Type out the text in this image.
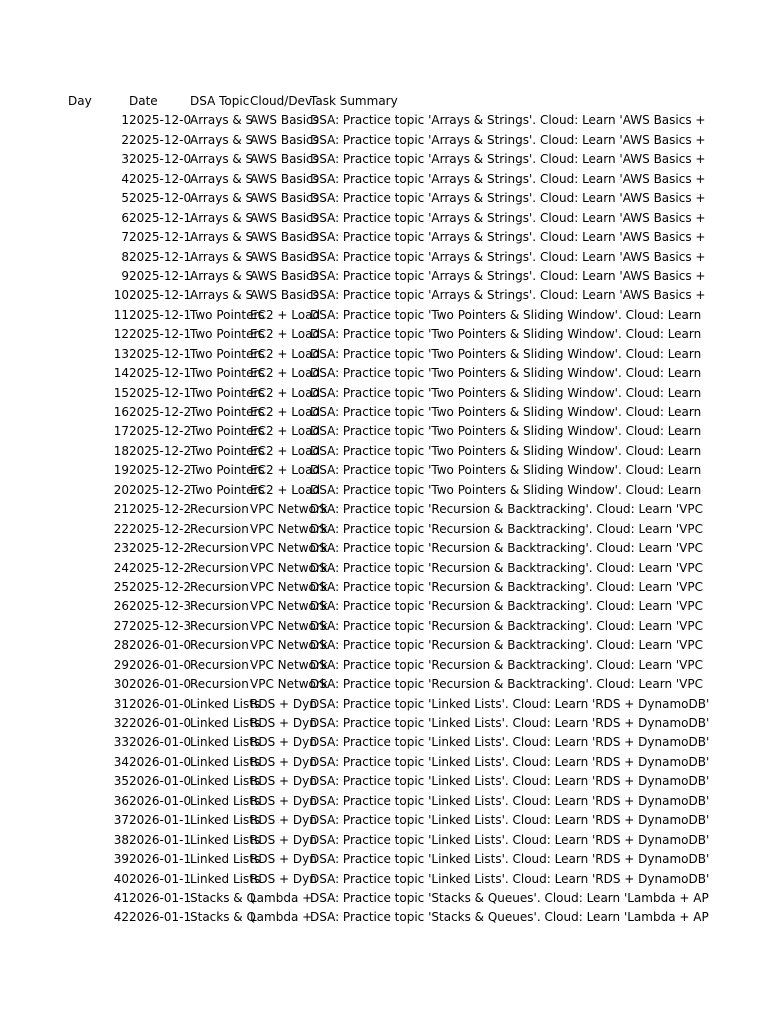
Day	Date	DSA Topic Cloud/Dev
Task Summary
1 2025-12-0
Arrays & S
AWS Basics
DSA: Practice topic 'Arrays & Strings'. Cloud: Learn 'AWS Basics +
2 2025-12-0
Arrays & S
AWS Basics
DSA: Practice topic 'Arrays & Strings'. Cloud: Learn 'AWS Basics +
3 2025-12-0
Arrays & S
AWS Basics
DSA: Practice topic 'Arrays & Strings'. Cloud: Learn 'AWS Basics +
4 2025-12-0
Arrays & S
AWS Basics
DSA: Practice topic 'Arrays & Strings'. Cloud: Learn 'AWS Basics +
5 2025-12-0
Arrays & S
AWS Basics
DSA: Practice topic 'Arrays & Strings'. Cloud: Learn 'AWS Basics +
6 2025-12-1
Arrays & S
AWS Basics
DSA: Practice topic 'Arrays & Strings'. Cloud: Learn 'AWS Basics +
7 2025-12-1
Arrays & S
AWS Basics
DSA: Practice topic 'Arrays & Strings'. Cloud: Learn 'AWS Basics +
8 2025-12-1
Arrays & S
AWS Basics
DSA: Practice topic 'Arrays & Strings'. Cloud: Learn 'AWS Basics +
9 2025-12-1
Arrays & S
AWS Basics
DSA: Practice topic 'Arrays & Strings'. Cloud: Learn 'AWS Basics +
10 2025-12-1
Arrays & S
AWS Basics
DSA: Practice topic 'Arrays & Strings'. Cloud: Learn 'AWS Basics +
11 2025-12-1
Two Pointers
EC2 + Load
DSA: Practice topic 'Two Pointers & Sliding Window'. Cloud: Learn
12 2025-12-1
Two Pointers
EC2 + Load
DSA: Practice topic 'Two Pointers & Sliding Window'. Cloud: Learn
13 2025-12-1
Two Pointers
EC2 + Load
DSA: Practice topic 'Two Pointers & Sliding Window'. Cloud: Learn
14 2025-12-1
Two Pointers
EC2 + Load
DSA: Practice topic 'Two Pointers & Sliding Window'. Cloud: Learn
15 2025-12-1
Two Pointers
EC2 + Load
DSA: Practice topic 'Two Pointers & Sliding Window'. Cloud: Learn
16 2025-12-2
Two Pointers
EC2 + Load
DSA: Practice topic 'Two Pointers & Sliding Window'. Cloud: Learn
17 2025-12-2
Two Pointers
EC2 + Load
DSA: Practice topic 'Two Pointers & Sliding Window'. Cloud: Learn
18 2025-12-2
Two Pointers
EC2 + Load
DSA: Practice topic 'Two Pointers & Sliding Window'. Cloud: Learn
19 2025-12-2
Two Pointers
EC2 + Load
DSA: Practice topic 'Two Pointers & Sliding Window'. Cloud: Learn
20 2025-12-2
Two Pointers
EC2 + Load
DSA: Practice topic 'Two Pointers & Sliding Window'. Cloud: Learn
21 2025-12-2
Recursion VPC Network
DSA: Practice topic 'Recursion & Backtracking'. Cloud: Learn 'VPC
22 2025-12-2
Recursion VPC Network
DSA: Practice topic 'Recursion & Backtracking'. Cloud: Learn 'VPC
23 2025-12-2
Recursion VPC Network
DSA: Practice topic 'Recursion & Backtracking'. Cloud: Learn 'VPC
24 2025-12-2
Recursion VPC Network
DSA: Practice topic 'Recursion & Backtracking'. Cloud: Learn 'VPC
25 2025-12-2
Recursion VPC Network
DSA: Practice topic 'Recursion & Backtracking'. Cloud: Learn 'VPC
26 2025-12-3
Recursion VPC Network
DSA: Practice topic 'Recursion & Backtracking'. Cloud: Learn 'VPC
27 2025-12-3
Recursion VPC Network
DSA: Practice topic 'Recursion & Backtracking'. Cloud: Learn 'VPC
28 2026-01-0
Recursion VPC Network
DSA: Practice topic 'Recursion & Backtracking'. Cloud: Learn 'VPC
29 2026-01-0
Recursion VPC Network
DSA: Practice topic 'Recursion & Backtracking'. Cloud: Learn 'VPC
30 2026-01-0
Recursion VPC Network
DSA: Practice topic 'Recursion & Backtracking'. Cloud: Learn 'VPC
31 2026-01-0
Linked Lists
RDS + Dyn
DSA: Practice topic 'Linked Lists'. Cloud: Learn 'RDS + DynamoDB'
32 2026-01-0
Linked Lists
RDS + Dyn
DSA: Practice topic 'Linked Lists'. Cloud: Learn 'RDS + DynamoDB'
33 2026-01-0
Linked Lists
RDS + Dyn
DSA: Practice topic 'Linked Lists'. Cloud: Learn 'RDS + DynamoDB'
34 2026-01-0
Linked Lists
RDS + Dyn
DSA: Practice topic 'Linked Lists'. Cloud: Learn 'RDS + DynamoDB'
35 2026-01-0
Linked Lists
RDS + Dyn
DSA: Practice topic 'Linked Lists'. Cloud: Learn 'RDS + DynamoDB'
36 2026-01-0
Linked Lists
RDS + Dyn
DSA: Practice topic 'Linked Lists'. Cloud: Learn 'RDS + DynamoDB'
37 2026-01-1
Linked Lists
RDS + Dyn
DSA: Practice topic 'Linked Lists'. Cloud: Learn 'RDS + DynamoDB'
38 2026-01-1
Linked Lists
RDS + Dyn
DSA: Practice topic 'Linked Lists'. Cloud: Learn 'RDS + DynamoDB'
39 2026-01-1
Linked Lists
RDS + Dyn
DSA: Practice topic 'Linked Lists'. Cloud: Learn 'RDS + DynamoDB'
40 2026-01-1
Linked Lists
RDS + Dyn
DSA: Practice topic 'Linked Lists'. Cloud: Learn 'RDS + DynamoDB'
41 2026-01-1
Stacks & Q
Lambda +
DSA: Practice topic 'Stacks & Queues'. Cloud: Learn 'Lambda + AP
42 2026-01-1
Stacks & Q
Lambda +
DSA: Practice topic 'Stacks & Queues'. Cloud: Learn 'Lambda + AP
